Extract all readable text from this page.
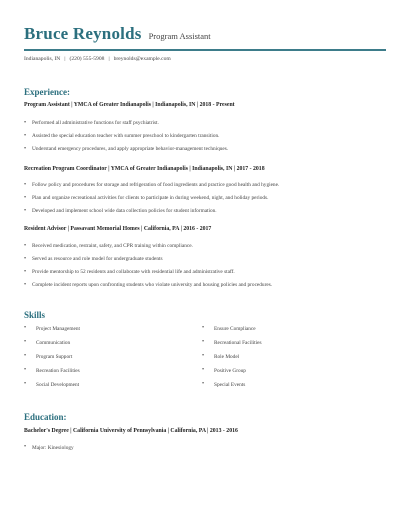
Bruce Reynolds Program Assistant
Indianapolis, IN | (220) 555-5908 | breynolds@example.com
Experience:
Program Assistant | YMCA of Greater Indianapolis | Indianapolis, IN | 2018 - Present
• Performed all administrative functions for staff psychiatrist.
• Assisted the special education teacher with summer preschool to kindergarten transition.
• Understand emergency procedures, and apply appropriate behavior-management techniques.
Recreation Program Coordinator | YMCA of Greater Indianapolis | Indianapolis, IN | 2017 - 2018
• Follow policy and procedures for storage and refrigeration of food ingredients and practice good health and hygiene.
• Plan and organize recreational activities for clients to participate in during weekend, night, and holiday periods.
• Developed and implement school wide data collection policies for student information.
Resident Advisor | Passavant Memorial Homes | California, PA | 2016 - 2017
• Received medication, restraint, safety, and CPR training within compliance.
• Served as resource and role model for undergraduate students
• Provide mentorship to 52 residents and collaborate with residential life and administrative staff.
• Complete incident reports upon confronting students who violate university and housing policies and procedures.
Skills
• Project Management
• Communication
• Program Support
• Recreation Facilities
• Social Development
• Ensure Compliance
• Recreational Facilities
• Role Model
• Positive Group
• Special Events
Education:
Bachelor's Degree | California University of Pennsylvania | California, PA | 2013 - 2016
• Major: Kinesiology
